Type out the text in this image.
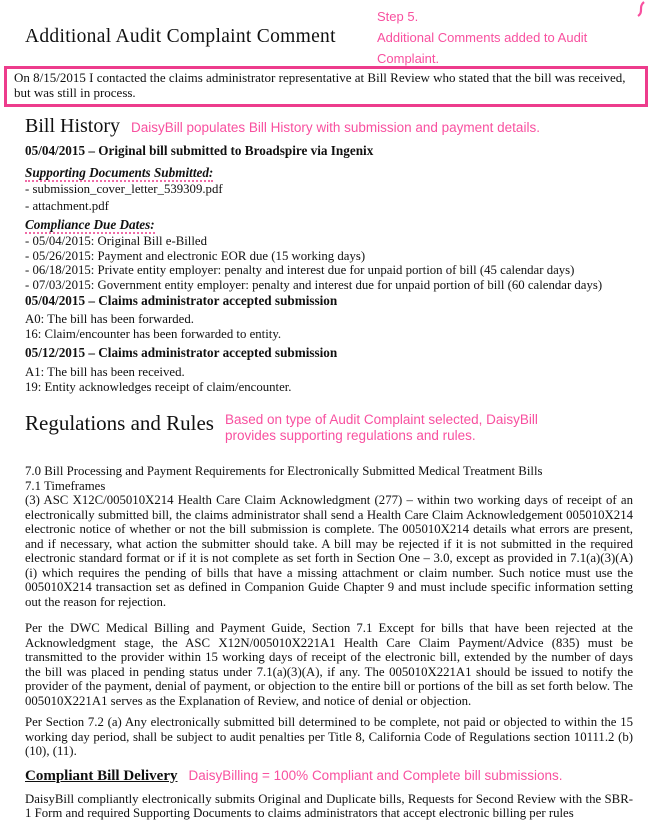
Additional Audit Complaint Comment
Step 5.
Additional Comments added to Audit Complaint.
On 8/15/2015 I contacted the claims administrator representative at Bill Review who stated that the bill was received, but was still in process.
Bill History DaisyBill populates Bill History with submission and payment details.
05/04/2015 – Original bill submitted to Broadspire via Ingenix
Supporting Documents Submitted:
- submission_cover_letter_539309.pdf
- attachment.pdf
Compliance Due Dates:
- 05/04/2015: Original Bill e-Billed
- 05/26/2015: Payment and electronic EOR due (15 working days)
- 06/18/2015: Private entity employer: penalty and interest due for unpaid portion of bill (45 calendar days)
- 07/03/2015: Government entity employer: penalty and interest due for unpaid portion of bill (60 calendar days)
05/04/2015 – Claims administrator accepted submission
A0: The bill has been forwarded.
16: Claim/encounter has been forwarded to entity.
05/12/2015 – Claims administrator accepted submission
A1: The bill has been received.
19: Entity acknowledges receipt of claim/encounter.
Regulations and Rules Based on type of Audit Complaint selected, DaisyBill provides supporting regulations and rules.
7.0 Bill Processing and Payment Requirements for Electronically Submitted Medical Treatment Bills
7.1 Timeframes

(3) ASC X12C/005010X214 Health Care Claim Acknowledgment (277) – within two working days of receipt of an electronically submitted bill, the claims administrator shall send a Health Care Claim Acknowledgement 005010X214 electronic notice of whether or not the bill submission is complete. The 005010X214 details what errors are present, and if necessary, what action the submitter should take. A bill may be rejected if it is not submitted in the required electronic standard format or if it is not complete as set forth in Section One – 3.0, except as provided in 7.1(a)(3)(A)(i) which requires the pending of bills that have a missing attachment or claim number. Such notice must use the 005010X214 transaction set as defined in Companion Guide Chapter 9 and must include specific information setting out the reason for rejection.

Per the DWC Medical Billing and Payment Guide, Section 7.1 Except for bills that have been rejected at the Acknowledgment stage, the ASC X12N/005010X221A1 Health Care Claim Payment/Advice (835) must be transmitted to the provider within 15 working days of receipt of the electronic bill, extended by the number of days the bill was placed in pending status under 7.1(a)(3)(A), if any. The 005010X221A1 should be issued to notify the provider of the payment, denial of payment, or objection to the entire bill or portions of the bill as set forth below. The 005010X221A1 serves as the Explanation of Review, and notice of denial or objection.

Per Section 7.2 (a) Any electronically submitted bill determined to be complete, not paid or objected to within the 15 working day period, shall be subject to audit penalties per Title 8, California Code of Regulations section 10111.2 (b) (10), (11).

Compliant Bill Delivery DaisyBilling = 100% Compliant and Complete bill submissions.

DaisyBill compliantly electronically submits Original and Duplicate bills, Requests for Second Review with the SBR-1 Form and required Supporting Documents to claims administrators that accept electronic billing per rules
